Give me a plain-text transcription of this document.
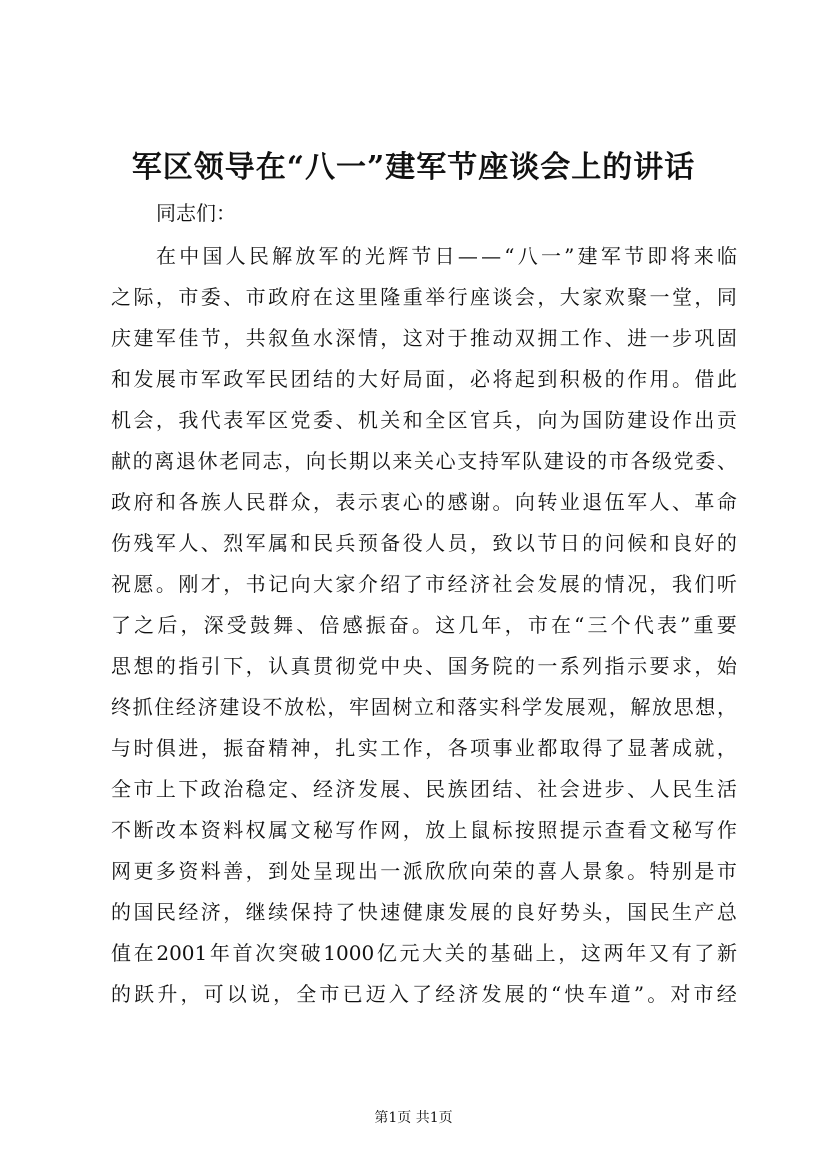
军区领导在“八一”建军节座谈会上的讲话
同志们：
在 中 国 人 民 解 放 军 的 光 辉 节 日 — — “ 八 一 ” 建 军 节 即 将 来 临
之 际 ， 市 委 、 市 政 府 在 这 里 隆 重 举 行 座 谈 会 ， 大 家 欢 聚 一 堂 ， 同
庆 建 军 佳 节 ， 共 叙 鱼 水 深 情 ， 这 对 于 推 动 双 拥 工 作 、 进 一 步 巩 固
和 发 展 市 军 政 军 民 团 结 的 大 好 局 面 ， 必 将 起 到 积 极 的 作 用 。 借 此
机 会 ， 我 代 表 军 区 党 委 、 机 关 和 全 区 官 兵 ， 向 为 国 防 建 设 作 出 贡
献 的 离 退 休 老 同 志 ， 向 长 期 以 来 关 心 支 持 军 队 建 设 的 市 各 级 党 委 、
政 府 和 各 族 人 民 群 众 ， 表 示 衷 心 的 感 谢 。 向 转 业 退 伍 军 人 、 革 命
伤 残 军 人 、 烈 军 属 和 民 兵 预 备 役 人 员 ， 致 以 节 日 的 问 候 和 良 好 的
祝 愿 。 刚 才 ， 书 记 向 大 家 介 绍 了 市 经 济 社 会 发 展 的 情 况 ， 我 们 听
了 之 后 ， 深 受 鼓 舞 、 倍 感 振 奋 。 这 几 年 ， 市 在 “ 三 个 代 表 ” 重 要
思 想 的 指 引 下 ， 认 真 贯 彻 党 中 央 、 国 务 院 的 一 系 列 指 示 要 求 ， 始
终 抓 住 经 济 建 设 不 放 松 ， 牢 固 树 立 和 落 实 科 学 发 展 观 ， 解 放 思 想 ，
与 时 俱 进 ， 振 奋 精 神 ， 扎 实 工 作 ， 各 项 事 业 都 取 得 了 显 著 成 就 ，
全 市 上 下 政 治 稳 定 、 经 济 发 展 、 民 族 团 结 、 社 会 进 步 、 人 民 生 活
不 断 改 本 资 料 权 属 文 秘 写 作 网 ， 放 上 鼠 标 按 照 提 示 查 看 文 秘 写 作
网 更 多 资 料 善 ， 到 处 呈 现 出 一 派 欣 欣 向 荣 的 喜 人 景 象 。 特 别 是 市
的 国 民 经 济 ， 继 续 保 持 了 快 速 健 康 发 展 的 良 好 势 头 ， 国 民 生 产 总
值 在 2001 年 首 次 突 破 1000 亿 元 大 关 的 基 础 上 ， 这 两 年 又 有 了 新
的 跃 升 ， 可 以 说 ， 全 市 已 迈 入 了 经 济 发 展 的 “ 快 车 道 ” 。 对 市 经
第1页 共1页
